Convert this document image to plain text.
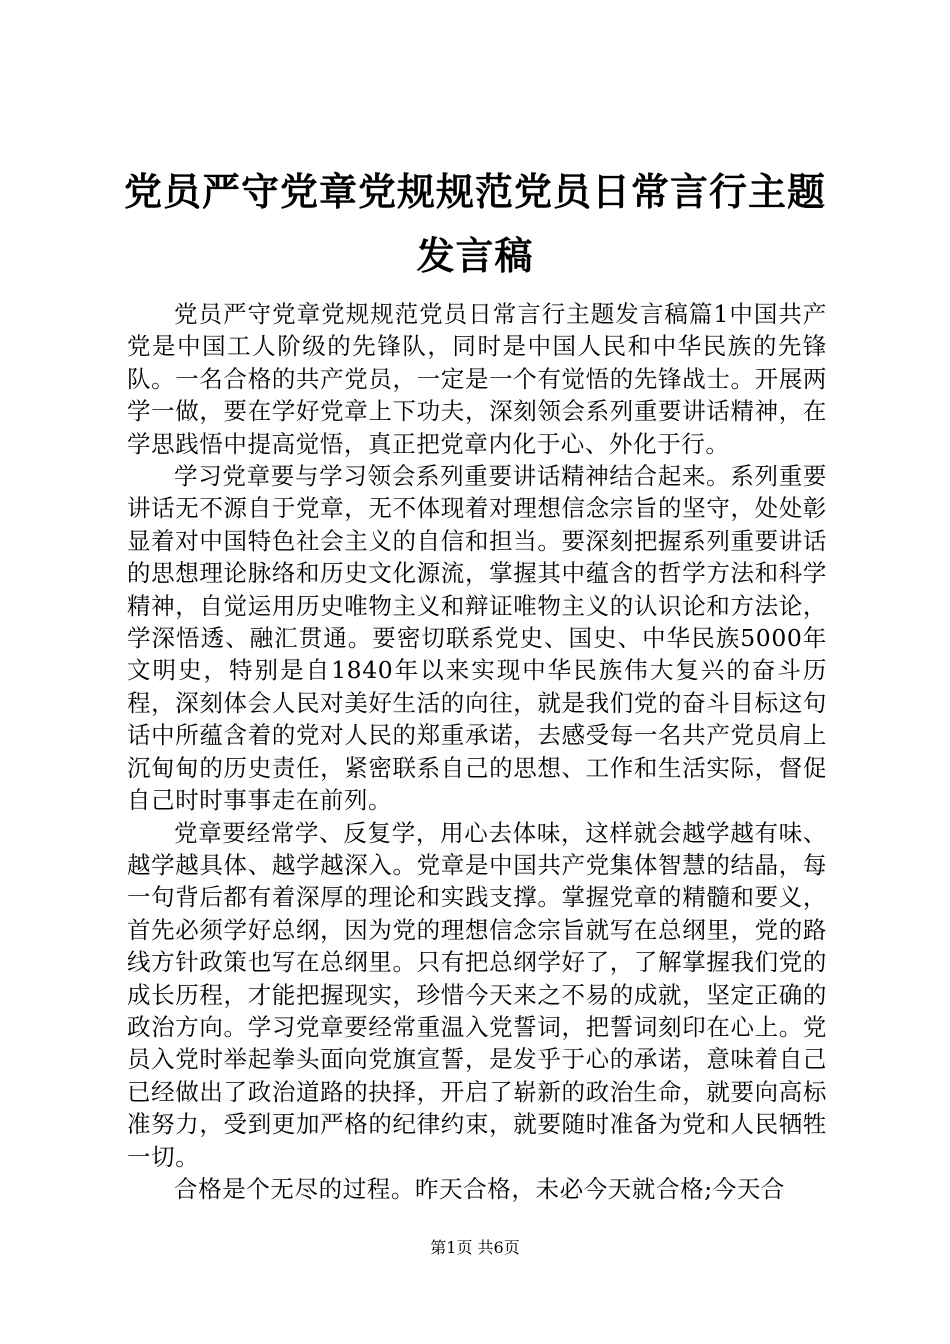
党员严守党章党规规范党员日常言行主题发言稿

党员严守党章党规规范党员日常言行主题发言稿篇1中国共产党是中国工人阶级的先锋队，同时是中国人民和中华民族的先锋队。一名合格的共产党员，一定是一个有觉悟的先锋战士。开展两学一做，要在学好党章上下功夫，深刻领会系列重要讲话精神，在学思践悟中提高觉悟，真正把党章内化于心、外化于行。

学习党章要与学习领会系列重要讲话精神结合起来。系列重要讲话无不源自于党章，无不体现着对理想信念宗旨的坚守，处处彰显着对中国特色社会主义的自信和担当。要深刻把握系列重要讲话的思想理论脉络和历史文化源流，掌握其中蕴含的哲学方法和科学精神，自觉运用历史唯物主义和辩证唯物主义的认识论和方法论，学深悟透、融汇贯通。要密切联系党史、国史、中华民族5000年文明史，特别是自1840年以来实现中华民族伟大复兴的奋斗历程，深刻体会人民对美好生活的向往，就是我们党的奋斗目标这句话中所蕴含着的党对人民的郑重承诺，去感受每一名共产党员肩上沉甸甸的历史责任，紧密联系自己的思想、工作和生活实际，督促自己时时事事走在前列。

党章要经常学、反复学，用心去体味，这样就会越学越有味、越学越具体、越学越深入。党章是中国共产党集体智慧的结晶，每一句背后都有着深厚的理论和实践支撑。掌握党章的精髓和要义，首先必须学好总纲，因为党的理想信念宗旨就写在总纲里，党的路线方针政策也写在总纲里。只有把总纲学好了，了解掌握我们党的成长历程，才能把握现实，珍惜今天来之不易的成就，坚定正确的政治方向。学习党章要经常重温入党誓词，把誓词刻印在心上。党员入党时举起拳头面向党旗宣誓，是发乎于心的承诺，意味着自己已经做出了政治道路的抉择，开启了崭新的政治生命，就要向高标准努力，受到更加严格的纪律约束，就要随时准备为党和人民牺牲一切。

合格是个无尽的过程。昨天合格，未必今天就合格;今天合

第1页 共6页
